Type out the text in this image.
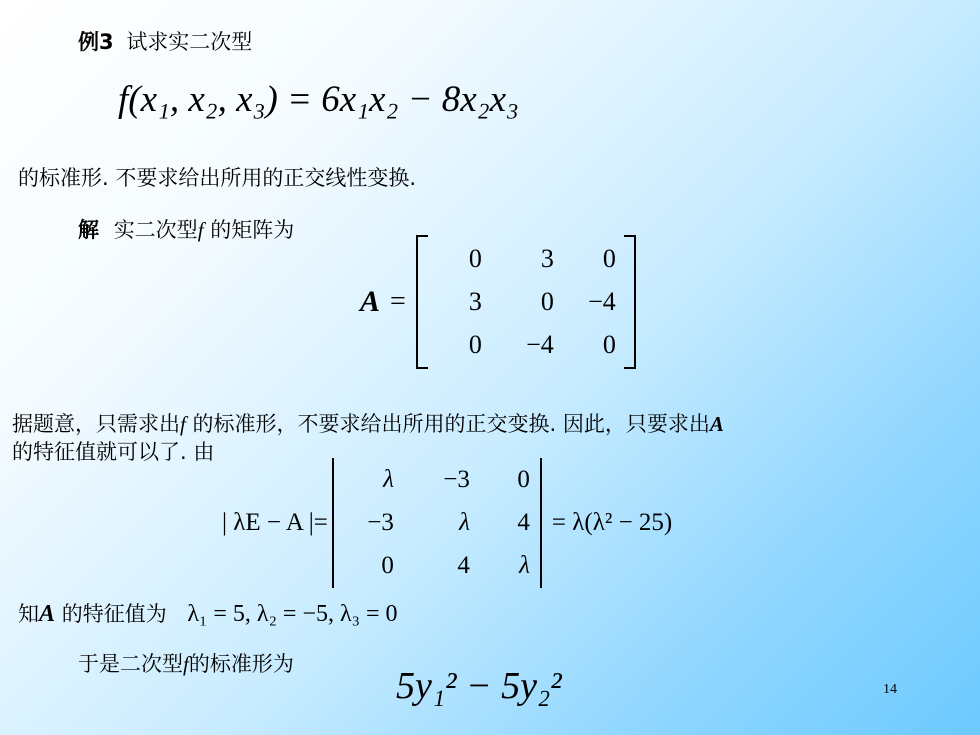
例3 试求实二次型
f(x₁, x₂, x₃) = 6x₁x₂ − 8x₂x₃
的标准形. 不要求给出所用的正交线性变换.
解 实二次型f 的矩阵为
A =
0	3	0
3	0	−4
0	−4	0
据题意，只需求出f 的标准形，不要求给出所用的正交变换. 因此，只要求出A
的特征值就可以了. 由
| λE − A |=
λ	−3	0
−3	λ	4
0	4	λ
= λ(λ² − 25)
知A 的特征值为 λ₁ = 5, λ₂ = −5, λ₃ = 0
于是二次型f的标准形为
5y₁² − 5y₂²	14
